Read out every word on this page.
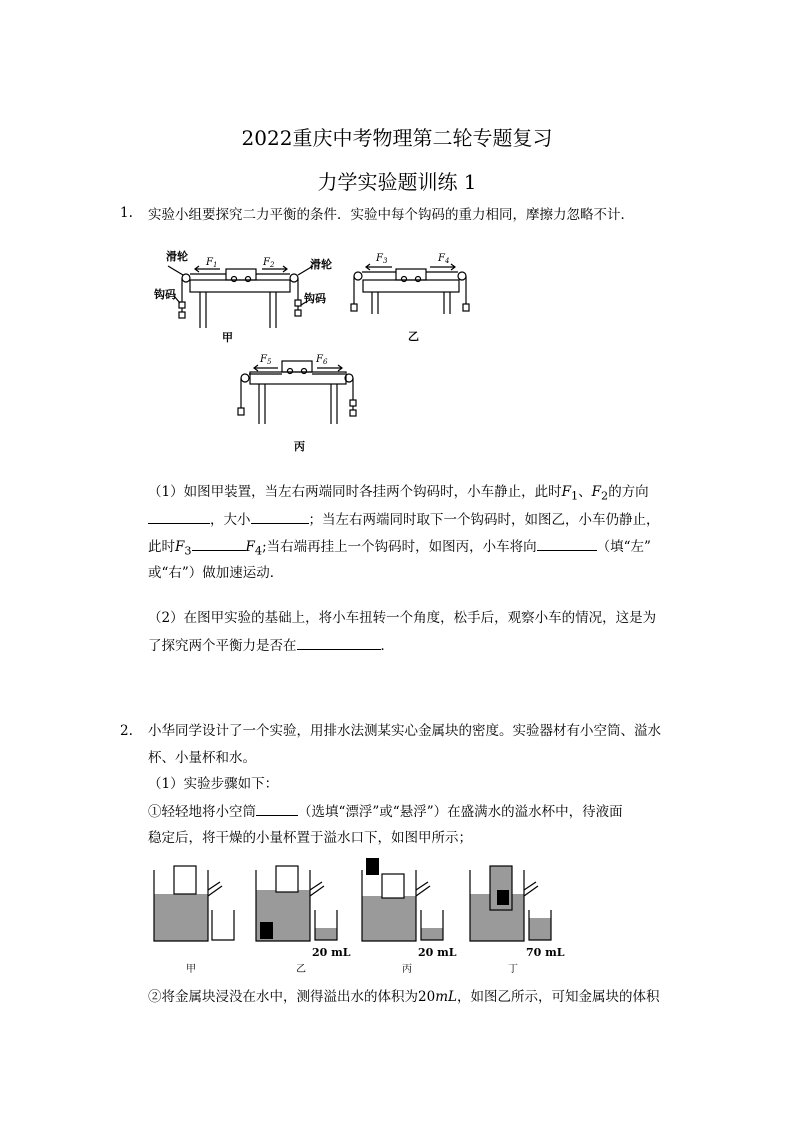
2022重庆中考物理第二轮专题复习
力学实验题训练 1
1. 实验小组要探究二力平衡的条件．实验中每个钩码的重力相同，摩擦力忽略不计．
滑轮
滑轮
钩码	钩码
甲	乙
丙
$F_1$	$F_2$
$F_3$	$F_4$
$F_5$	$F_6$
（1）如图甲装置，当左右两端同时各挂两个钩码时，小车静止，此时$F_1$、$F_2$的方向
，大小	；当左右两端同时取下一个钩码时，如图乙，小车仍静止，
此时$F_3$	$F_4$;当右端再挂上一个钩码时，如图丙，小车将向	（填“左”
或“右”）做加速运动．
（2）在图甲实验的基础上，将小车扭转一个角度，松手后，观察小车的情况，这是为
了探究两个平衡力是否在	．
2. 小华同学设计了一个实验，用排水法测某实心金属块的密度。实验器材有小空筒、溢水
杯、小量杯和水。
（1）实验步骤如下：
①轻轻地将小空筒	（选填“漂浮”或“悬浮”）在盛满水的溢水杯中，待液面
稳定后，将干燥的小量杯置于溢水口下，如图甲所示；
20 mL	20 mL	70 mL
甲	乙	丙	丁
②将金属块浸没在水中，测得溢出水的体积为20mL，如图乙所示，可知金属块的体积
